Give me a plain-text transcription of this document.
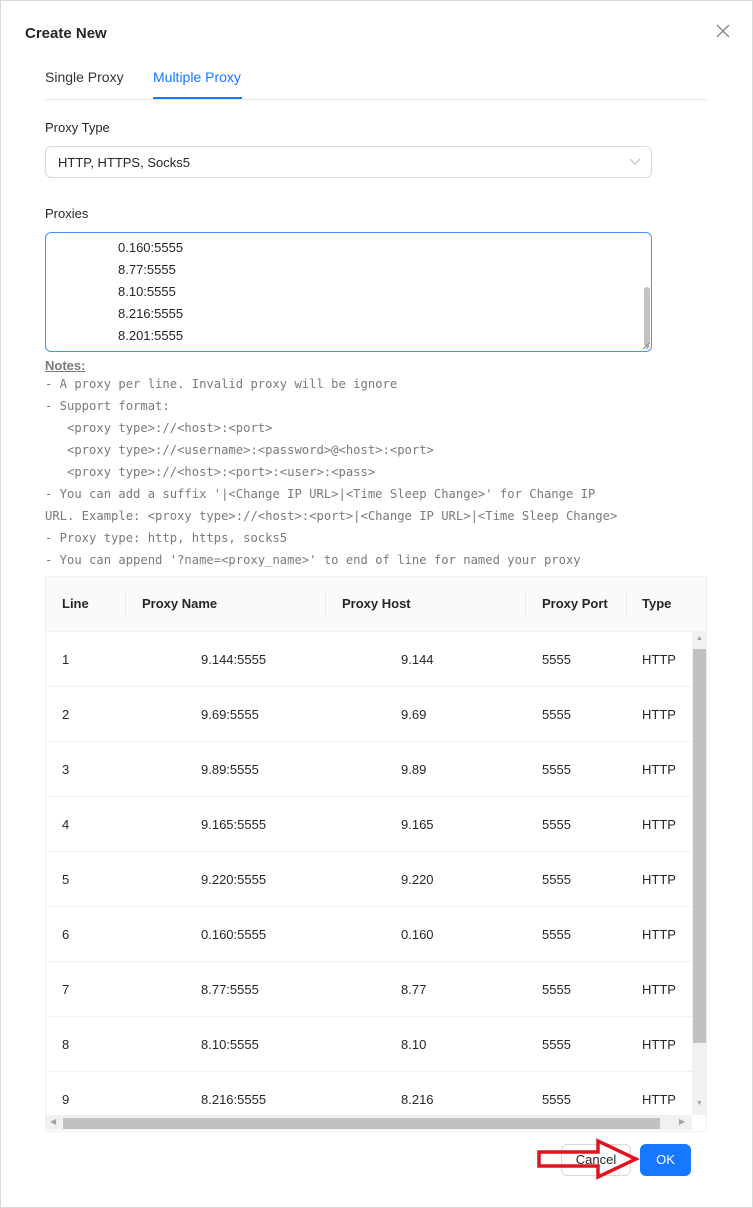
Create New
Single Proxy Multiple Proxy
Proxy Type
HTTP, HTTPS, Socks5
Proxies
0.160:5555
8.77:5555
8.10:5555
8.216:5555
8.201:5555
Notes:
- A proxy per line. Invalid proxy will be ignore
- Support format:
<proxy type>://<host>:<port>
<proxy type>://<username>:<password>@<host>:<port>
<proxy type>://<host>:<port>:<user>:<pass>
- You can add a suffix '|<Change IP URL>|<Time Sleep Change>' for Change IP
URL. Example: <proxy type>://<host>:<port>|<Change IP URL>|<Time Sleep Change>
- Proxy type: http, https, socks5
- You can append '?name=<proxy_name>' to end of line for named your proxy
Line	Proxy Name	Proxy Host	Proxy Port	Type
1	9.144:5555	9.144	5555	HTTP
2	9.69:5555	9.69	5555	HTTP
3	9.89:5555	9.89	5555	HTTP
4	9.165:5555	9.165	5555	HTTP
5	9.220:5555	9.220	5555	HTTP
6	0.160:5555	0.160	5555	HTTP
7	8.77:5555	8.77	5555	HTTP
8	8.10:5555	8.10	5555	HTTP
9	8.216:5555	8.216	5555	HTTP
▲
▼
◀	▶
Cancel	OK
